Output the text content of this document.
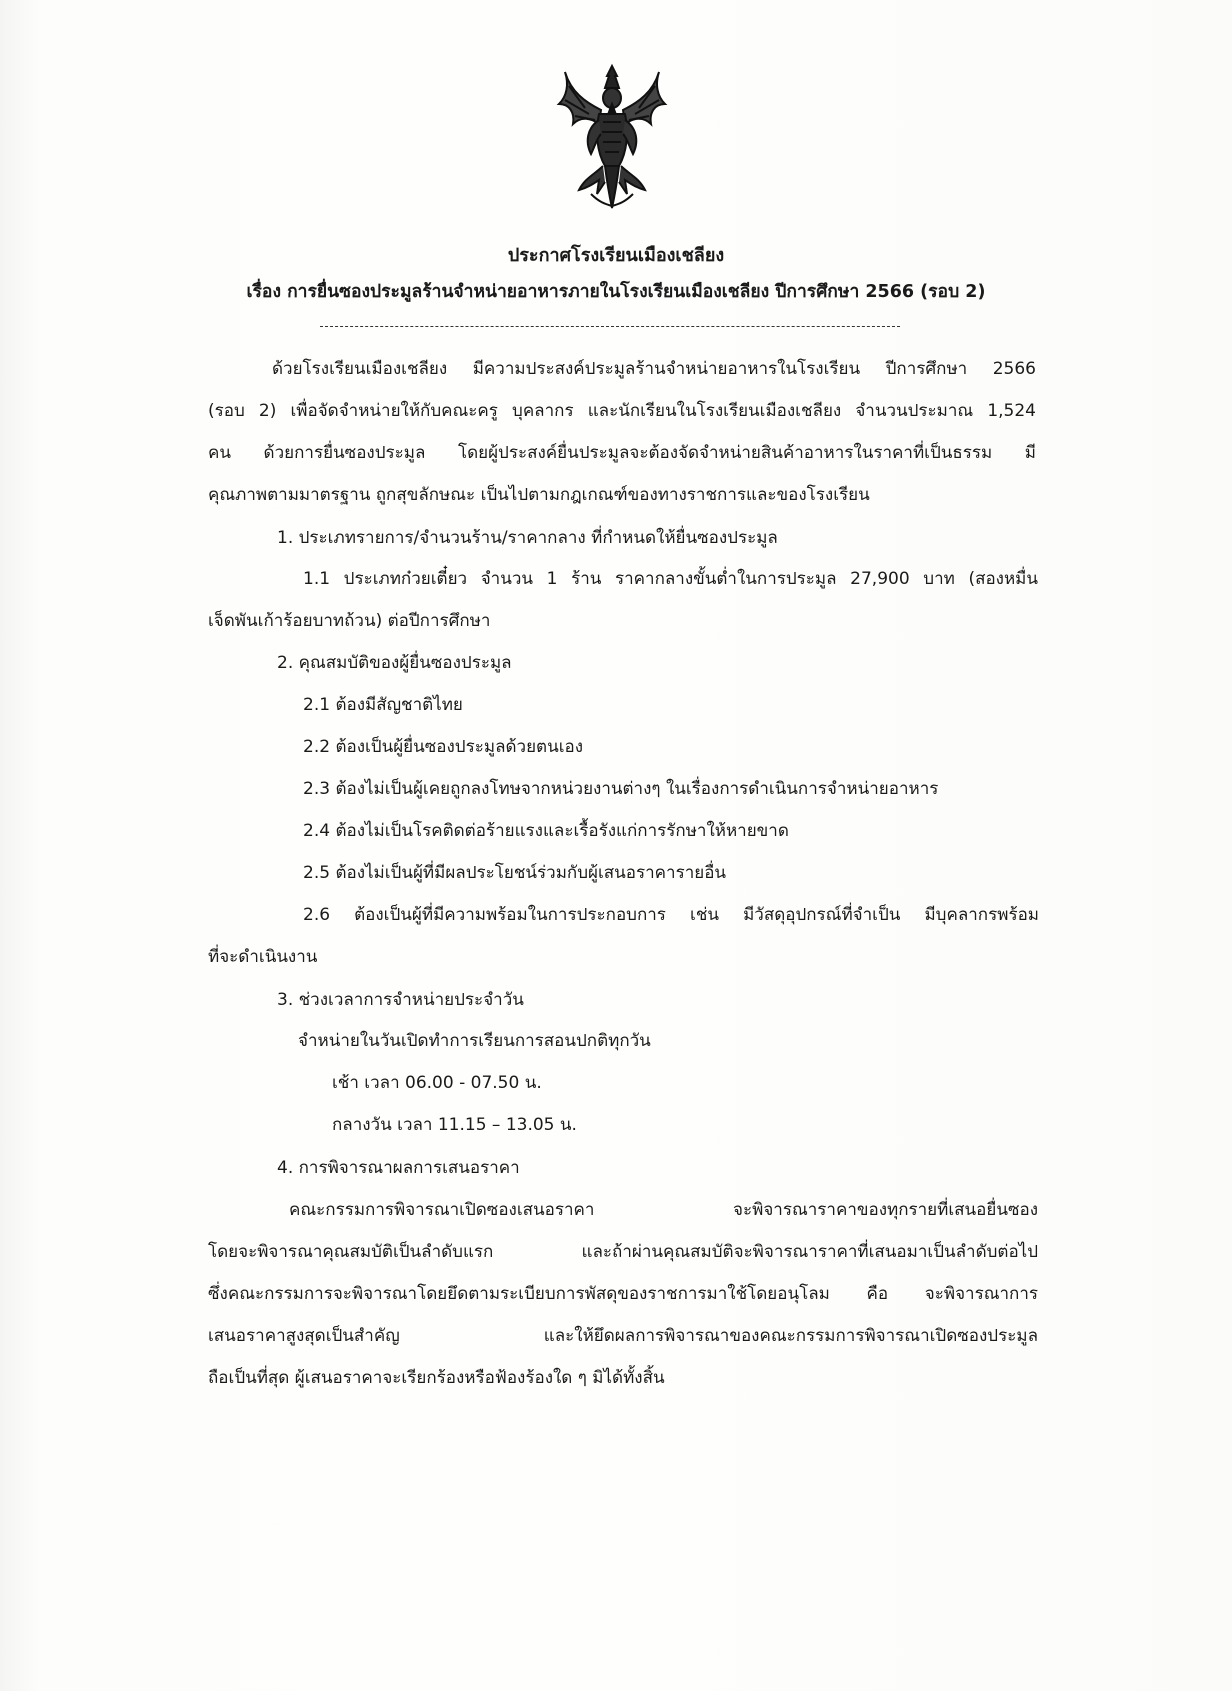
ประกาศโรงเรียนเมืองเชลียง
เรื่อง การยื่นซองประมูลร้านจำหน่ายอาหารภายในโรงเรียนเมืองเชลียง ปีการศึกษา 2566 (รอบ 2)
ด้วยโรงเรียนเมืองเชลียง มีความประสงค์ประมูลร้านจำหน่ายอาหารในโรงเรียน ปีการศึกษา 2566
(รอบ 2) เพื่อจัดจำหน่ายให้กับคณะครู บุคลากร และนักเรียนในโรงเรียนเมืองเชลียง จำนวนประมาณ 1,524
คน ด้วยการยื่นซองประมูล โดยผู้ประสงค์ยื่นประมูลจะต้องจัดจำหน่ายสินค้าอาหารในราคาที่เป็นธรรม มี
คุณภาพตามมาตรฐาน ถูกสุขลักษณะ เป็นไปตามกฎเกณฑ์ของทางราชการและของโรงเรียน
1. ประเภทรายการ/จำนวนร้าน/ราคากลาง ที่กำหนดให้ยื่นซองประมูล
1.1 ประเภทก๋วยเตี๋ยว จำนวน 1 ร้าน ราคากลางขั้นต่ำในการประมูล 27,900 บาท (สองหมื่น
เจ็ดพันเก้าร้อยบาทถ้วน) ต่อปีการศึกษา
2. คุณสมบัติของผู้ยื่นซองประมูล
2.1 ต้องมีสัญชาติไทย
2.2 ต้องเป็นผู้ยื่นซองประมูลด้วยตนเอง
2.3 ต้องไม่เป็นผู้เคยถูกลงโทษจากหน่วยงานต่างๆ ในเรื่องการดำเนินการจำหน่ายอาหาร
2.4 ต้องไม่เป็นโรคติดต่อร้ายแรงและเรื้อรังแก่การรักษาให้หายขาด
2.5 ต้องไม่เป็นผู้ที่มีผลประโยชน์ร่วมกับผู้เสนอราคารายอื่น
2.6 ต้องเป็นผู้ที่มีความพร้อมในการประกอบการ เช่น มีวัสดุอุปกรณ์ที่จำเป็น มีบุคลากรพร้อม
ที่จะดำเนินงาน
3. ช่วงเวลาการจำหน่ายประจำวัน
จำหน่ายในวันเปิดทำการเรียนการสอนปกติทุกวัน
เช้า เวลา 06.00 - 07.50 น.
กลางวัน เวลา 11.15 – 13.05 น.
4. การพิจารณาผลการเสนอราคา
คณะกรรมการพิจารณาเปิดซองเสนอราคา จะพิจารณาราคาของทุกรายที่เสนอยื่นซอง
โดยจะพิจารณาคุณสมบัติเป็นลำดับแรก และถ้าผ่านคุณสมบัติจะพิจารณาราคาที่เสนอมาเป็นลำดับต่อไป
ซึ่งคณะกรรมการจะพิจารณาโดยยึดตามระเบียบการพัสดุของราชการมาใช้โดยอนุโลม คือ จะพิจารณาการ
เสนอราคาสูงสุดเป็นสำคัญ และให้ยึดผลการพิจารณาของคณะกรรมการพิจารณาเปิดซองประมูล
ถือเป็นที่สุด ผู้เสนอราคาจะเรียกร้องหรือฟ้องร้องใด ๆ มิได้ทั้งสิ้น
